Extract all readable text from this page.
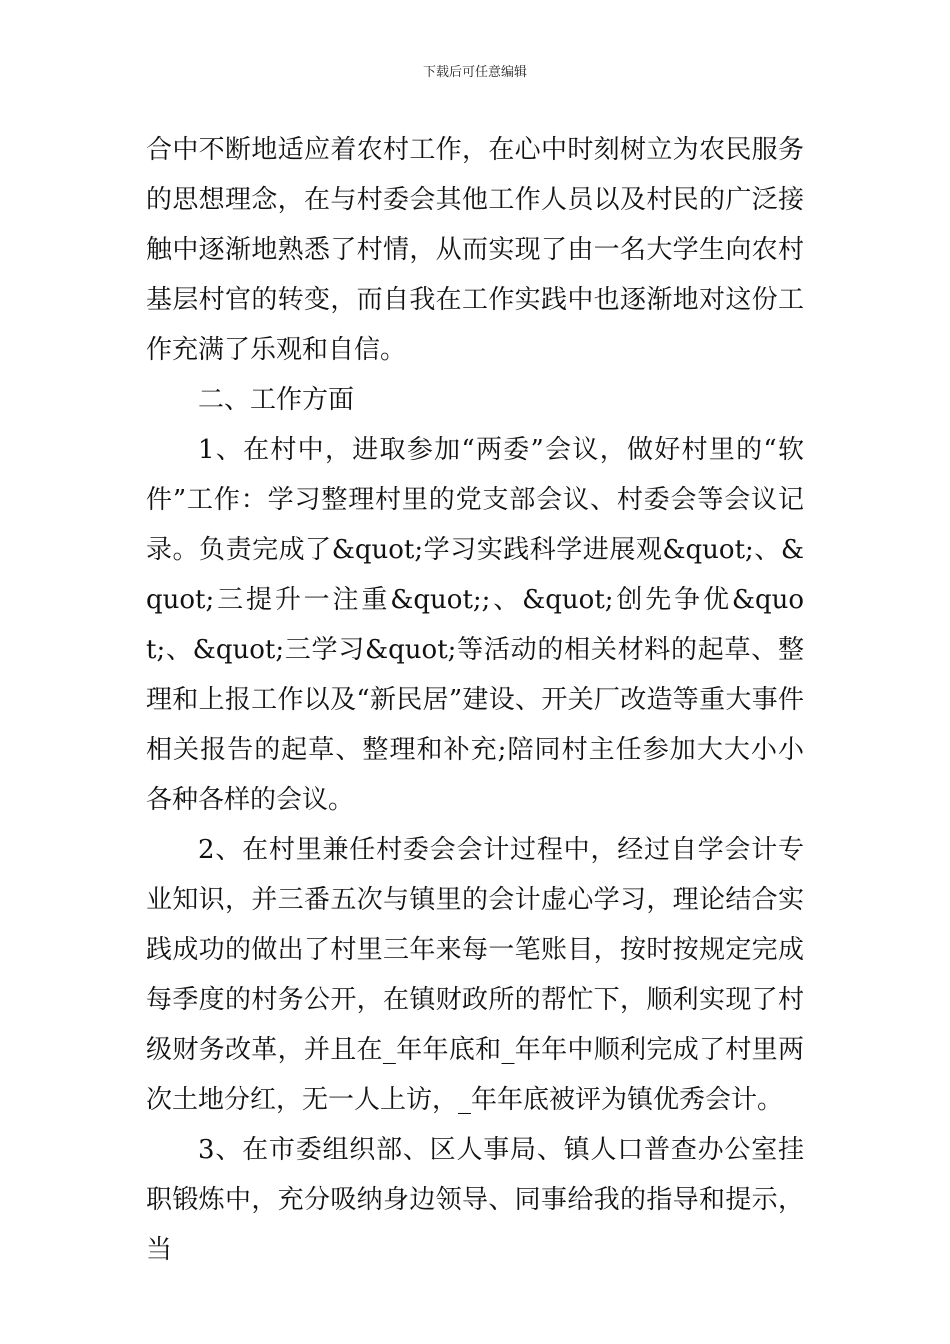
下载后可任意编辑

合中不断地适应着农村工作，在心中时刻树立为农民服务的思想理念，在与村委会其他工作人员以及村民的广泛接触中逐渐地熟悉了村情，从而实现了由一名大学生向农村基层村官的转变，而自我在工作实践中也逐渐地对这份工作充满了乐观和自信。

二、工作方面

1、在村中，进取参加“两委”会议，做好村里的“软件”工作：学习整理村里的党支部会议、村委会等会议记录。负责完成了&quot;学习实践科学进展观&quot;、&quot;三提升一注重&quot;;、&quot;创先争优&quot;、&quot;三学习&quot;等活动的相关材料的起草、整理和上报工作以及“新民居”建设、开关厂改造等重大事件相关报告的起草、整理和补充;陪同村主任参加大大小小各种各样的会议。

2、在村里兼任村委会会计过程中，经过自学会计专业知识，并三番五次与镇里的会计虚心学习，理论结合实践成功的做出了村里三年来每一笔账目，按时按规定完成每季度的村务公开，在镇财政所的帮忙下，顺利实现了村级财务改革，并且在_年年底和_年年中顺利完成了村里两次土地分红，无一人上访，_年年底被评为镇优秀会计。

3、在市委组织部、区人事局、镇人口普查办公室挂职锻炼中，充分吸纳身边领导、同事给我的指导和提示，当
